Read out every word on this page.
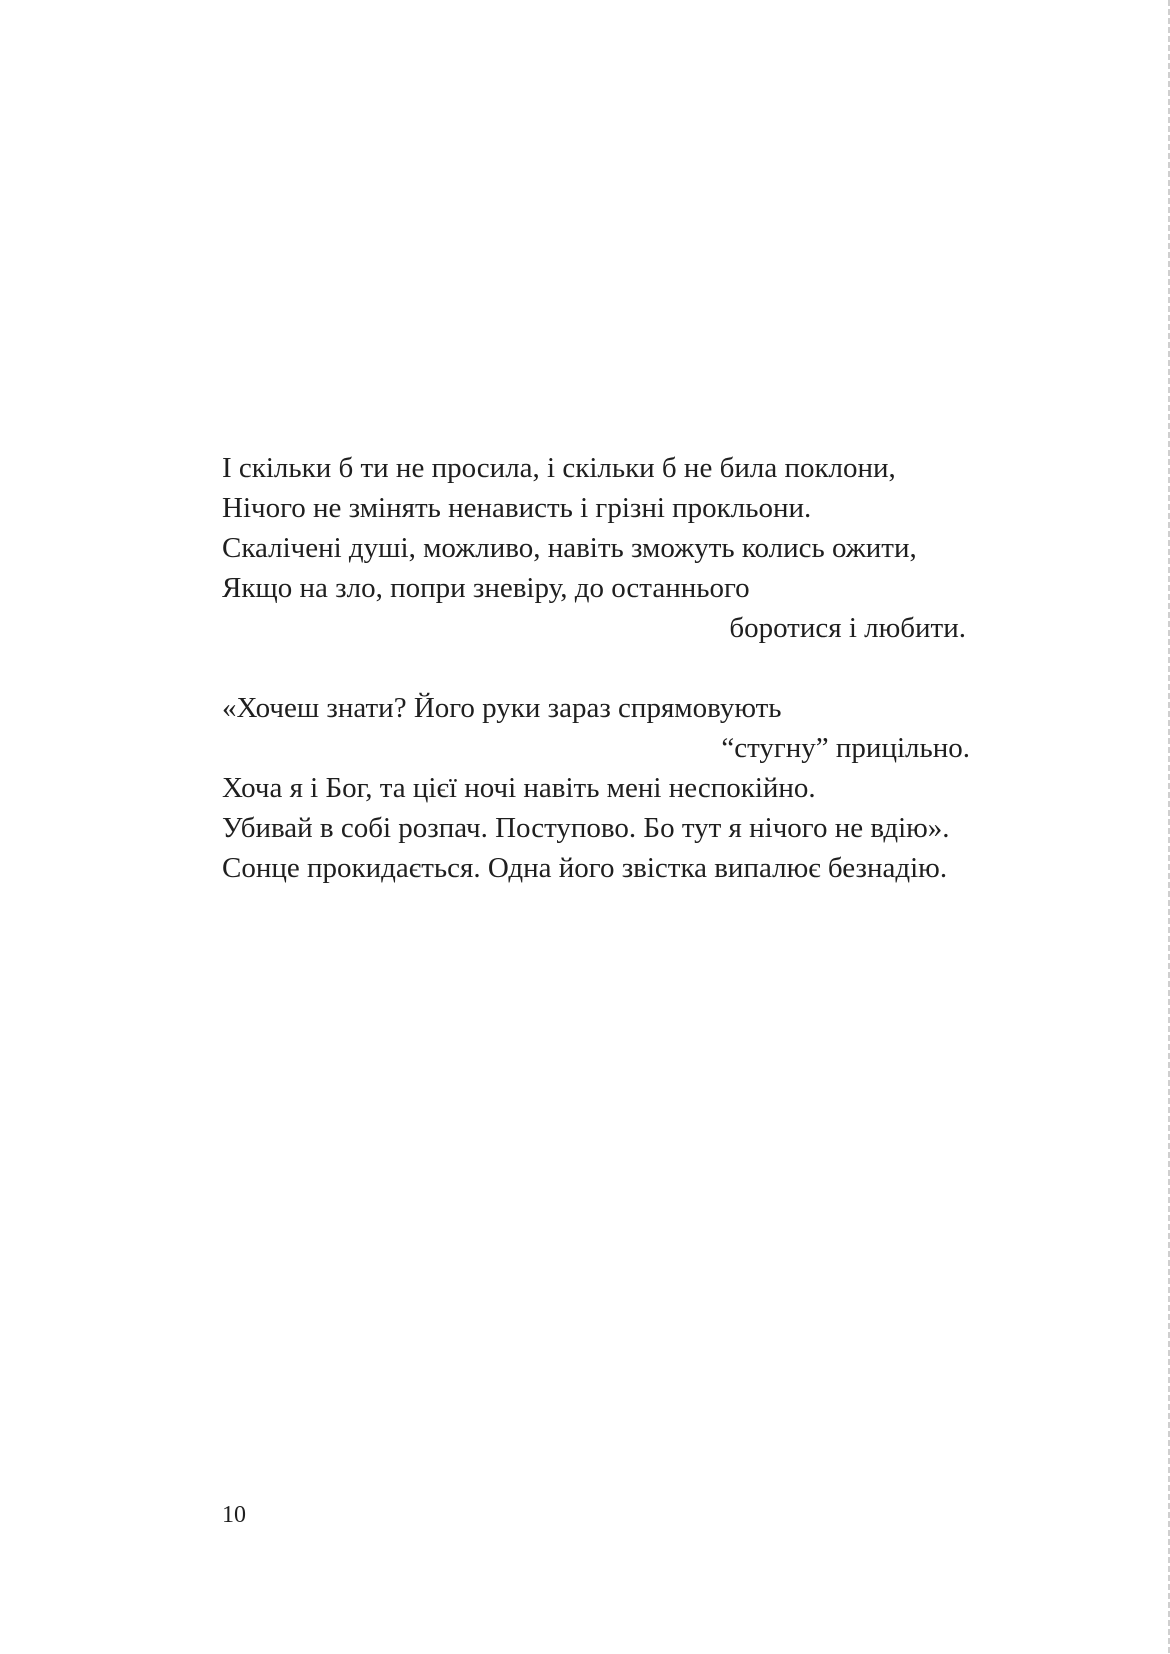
І скільки б ти не просила, і скільки б не била поклони,
Нічого не змінять ненависть і грізні прокльони.
Скалічені душі, можливо, навіть зможуть колись ожити,
Якщо на зло, попри зневіру, до останнього
боротися і любити.

«Хочеш знати? Його руки зараз спрямовують
“стугну” прицільно.
Хоча я і Бог, та цієї ночі навіть мені неспокійно.
Убивай в собі розпач. Поступово. Бо тут я нічого не вдію».
Сонце прокидається. Одна його звістка випалює безнадію.

10
